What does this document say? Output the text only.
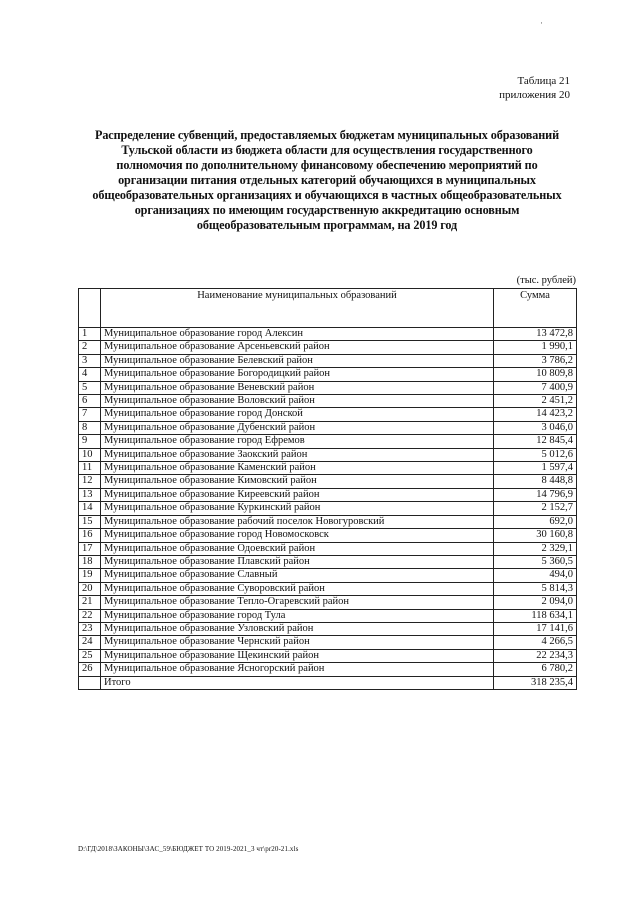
·
Таблица 21
приложения 20
Распределение субвенций, предоставляемых бюджетам муниципальных образований
Тульской области из бюджета области для осуществления государственного
полномочия по дополнительному финансовому обеспечению мероприятий по
организации питания отдельных категорий обучающихся в муниципальных
общеобразовательных организациях и обучающихся в частных общеобразовательных
организациях по имеющим государственную аккредитацию основным
общеобразовательным программам, на 2019 год
(тыс. рублей)
	Наименование муниципальных образований	Сумма
1	Муниципальное образование город Алексин	13 472,8
2	Муниципальное образование Арсеньевский район	1 990,1
3	Муниципальное образование Белевский район	3 786,2
4	Муниципальное образование Богородицкий район	10 809,8
5	Муниципальное образование Веневский район	7 400,9
6	Муниципальное образование Воловский район	2 451,2
7	Муниципальное образование город Донской	14 423,2
8	Муниципальное образование Дубенский район	3 046,0
9	Муниципальное образование город Ефремов	12 845,4
10	Муниципальное образование Заокский район	5 012,6
11	Муниципальное образование Каменский район	1 597,4
12	Муниципальное образование Кимовский район	8 448,8
13	Муниципальное образование Киреевский район	14 796,9
14	Муниципальное образование Куркинский район	2 152,7
15	Муниципальное образование рабочий поселок Новогуровский	692,0
16	Муниципальное образование город Новомосковск	30 160,8
17	Муниципальное образование Одоевский район	2 329,1
18	Муниципальное образование Плавский район	5 360,5
19	Муниципальное образование Славный	494,0
20	Муниципальное образование Суворовский район	5 814,3
21	Муниципальное образование Тепло-Огаревский район	2 094,0
22	Муниципальное образование город Тула	118 634,1
23	Муниципальное образование Узловский район	17 141,6
24	Муниципальное образование Чернский район	4 266,5
25	Муниципальное образование Щекинский район	22 234,3
26	Муниципальное образование Ясногорский район	6 780,2
	Итого	318 235,4
D:\ГД\2018\ЗАКОНЫ\ЗАС_59\БЮДЖЕТ ТО 2019-2021_3 чт\pr20-21.xls
